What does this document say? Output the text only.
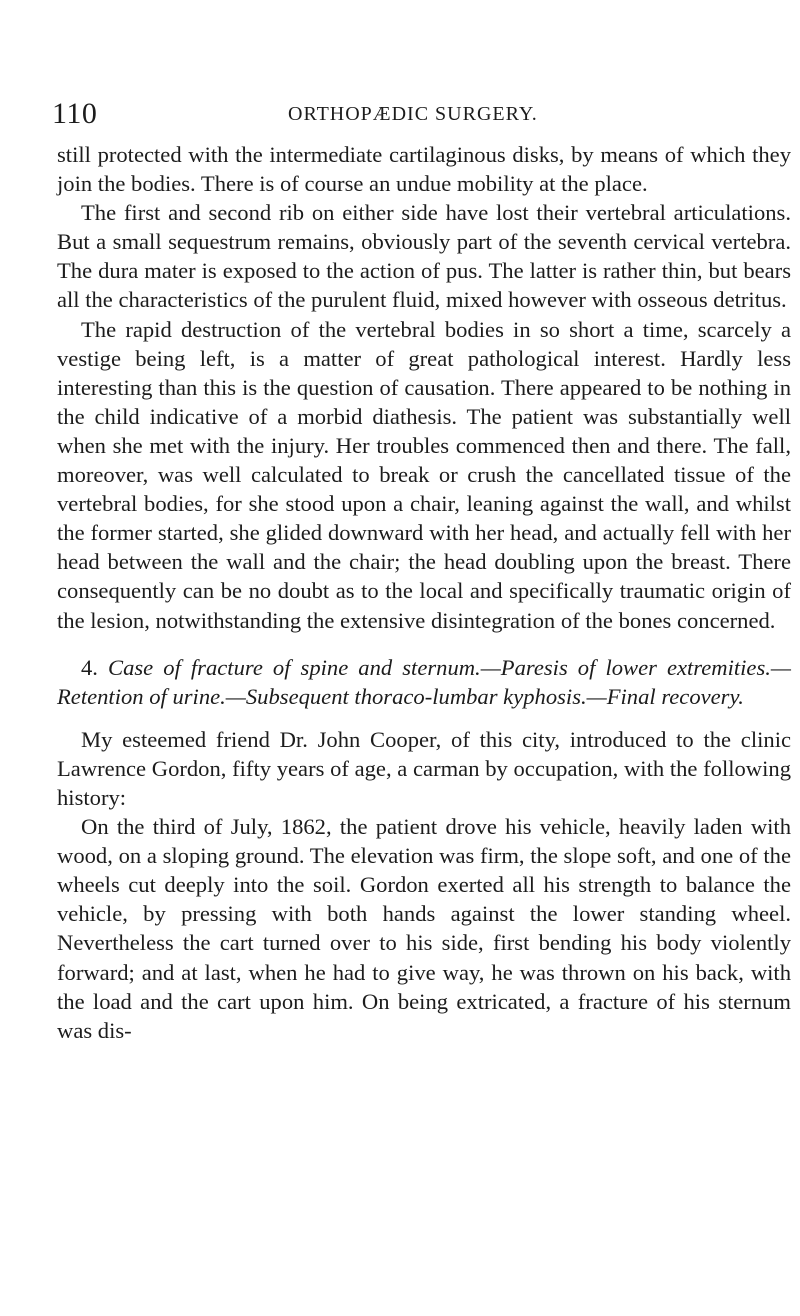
110	ORTHOPÆDIC SURGERY.

still protected with the intermediate cartilaginous disks, by means of which they join the bodies. There is of course an undue mobility at the place.

The first and second rib on either side have lost their vertebral articulations. But a small sequestrum remains, obviously part of the seventh cervical vertebra. The dura mater is exposed to the action of pus. The latter is rather thin, but bears all the characteristics of the purulent fluid, mixed however with osseous detritus.

The rapid destruction of the vertebral bodies in so short a time, scarcely a vestige being left, is a matter of great pathological interest. Hardly less interesting than this is the question of causation. There appeared to be nothing in the child indicative of a morbid diathesis. The patient was substantially well when she met with the injury. Her troubles commenced then and there. The fall, moreover, was well calculated to break or crush the cancellated tissue of the vertebral bodies, for she stood upon a chair, leaning against the wall, and whilst the former started, she glided downward with her head, and actually fell with her head between the wall and the chair; the head doubling upon the breast. There consequently can be no doubt as to the local and specifically traumatic origin of the lesion, notwithstanding the extensive disintegration of the bones concerned.

4. Case of fracture of spine and sternum.—Paresis of lower extremities.—Retention of urine.—Subsequent thoraco-lumbar kyphosis.—Final recovery.

My esteemed friend Dr. John Cooper, of this city, introduced to the clinic Lawrence Gordon, fifty years of age, a carman by occupation, with the following history:

On the third of July, 1862, the patient drove his vehicle, heavily laden with wood, on a sloping ground. The elevation was firm, the slope soft, and one of the wheels cut deeply into the soil. Gordon exerted all his strength to balance the vehicle, by pressing with both hands against the lower standing wheel. Nevertheless the cart turned over to his side, first bending his body violently forward; and at last, when he had to give way, he was thrown on his back, with the load and the cart upon him. On being extricated, a fracture of his sternum was dis-
